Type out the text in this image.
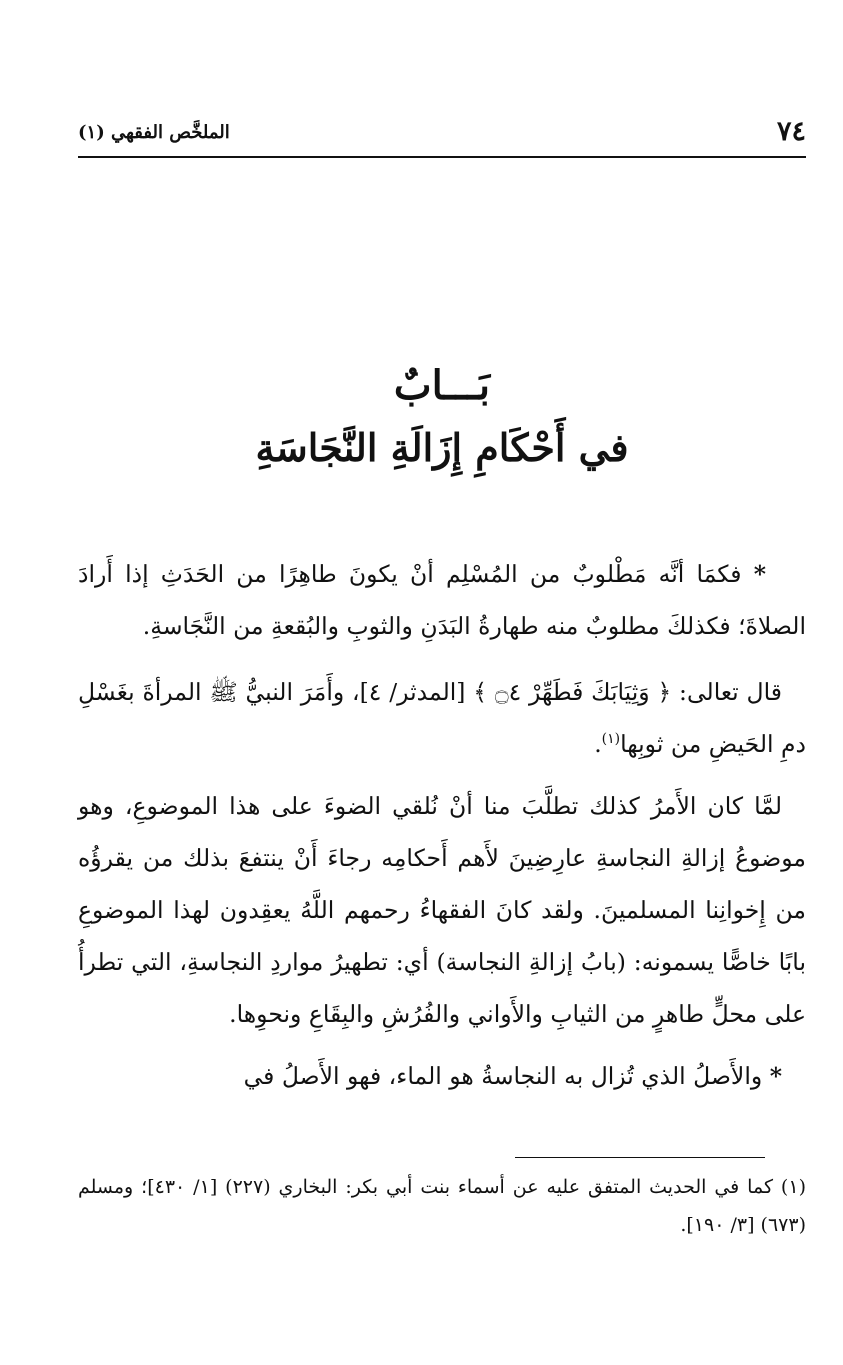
٧٤
الملخَّص الفقهي (١)
بَـــابٌ
في أَحْكَامِ إِزَالَةِ النَّجَاسَةِ

* فكمَا أنَّه مَطْلوبٌ من المُسْلِم أنْ يكونَ طاهِرًا من الحَدَثِ إذا أَرادَ الصلاةَ؛ فكذلكَ مطلوبٌ منه طهارةُ البَدَنِ والثوبِ والبُقعةِ من النَّجَاسةِ.

قال تعالى: ﴿ وَثِيَابَكَ فَطَهِّرْ ۝٤ ﴾ [المدثر/ ٤]، وأَمَرَ النبيُّ ﷺ المرأةَ بغَسْلِ دمِ الحَيضِ من ثوبِها$^{(١)}$.

لمَّا كان الأَمرُ كذلك تطلَّبَ منا أنْ نُلقي الضوءَ على هذا الموضوعِ، وهو موضوعُ إزالةِ النجاسةِ عارِضِينَ لأَهم أَحكامِه رجاءَ أَنْ ينتفعَ بذلك من يقرؤُه من إِخوانِنا المسلمينَ. ولقد كانَ الفقهاءُ رحمهم اللَّهُ يعقِدون لهذا الموضوعِ بابًا خاصًّا يسمونه: (بابُ إزالةِ النجاسة) أي: تطهيرُ مواردِ النجاسةِ، التي تطرأُ على محلٍّ طاهرٍ من الثيابِ والأَواني والفُرُشِ والبِقَاعِ ونحوِها.

* والأَصلُ الذي تُزال به النجاسةُ هو الماء، فهو الأَصلُ في

(١) كما في الحديث المتفق عليه عن أسماء بنت أبي بكر: البخاري (٢٢٧) [١/ ٤٣٠]؛ ومسلم (٦٧٣) [٣/ ١٩٠].
